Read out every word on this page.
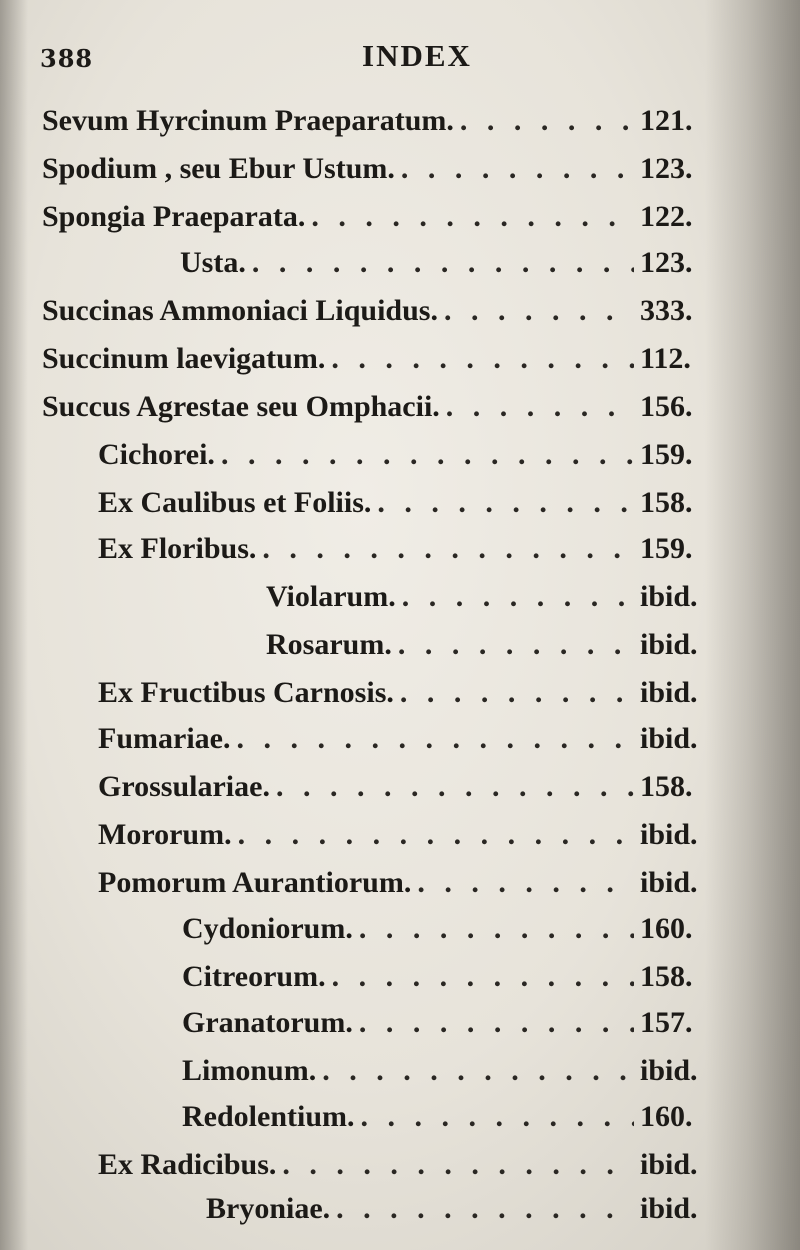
388	INDEX
Sevum Hyrcinum Praeparatum. . . .	121.
Spodium , seu Ebur Ustum. . . .	123.
Spongia Praeparata. . . .	122.
Usta. . . .	123.
Succinas Ammoniaci Liquidus. . . .	333.
Succinum laevigatum. . . .	112.
Succus Agrestae seu Omphacii. . . .	156.
Cichorei. . . .	159.
Ex Caulibus et Foliis. . . .	158.
Ex Floribus. . . .	159.
Violarum. . . .	ibid.
Rosarum. . . .	ibid.
Ex Fructibus Carnosis. . . .	ibid.
Fumariae. . . .	ibid.
Grossulariae. . . .	158.
Mororum. . . .	ibid.
Pomorum Aurantiorum. . . .	ibid.
Cydoniorum. . . .	160.
Citreorum. . . .	158.
Granatorum. . . .	157.
Limonum. . . .	ibid.
Redolentium. . . .	160.
Ex Radicibus. . . .	ibid.
Bryoniae. . . .	ibid.
